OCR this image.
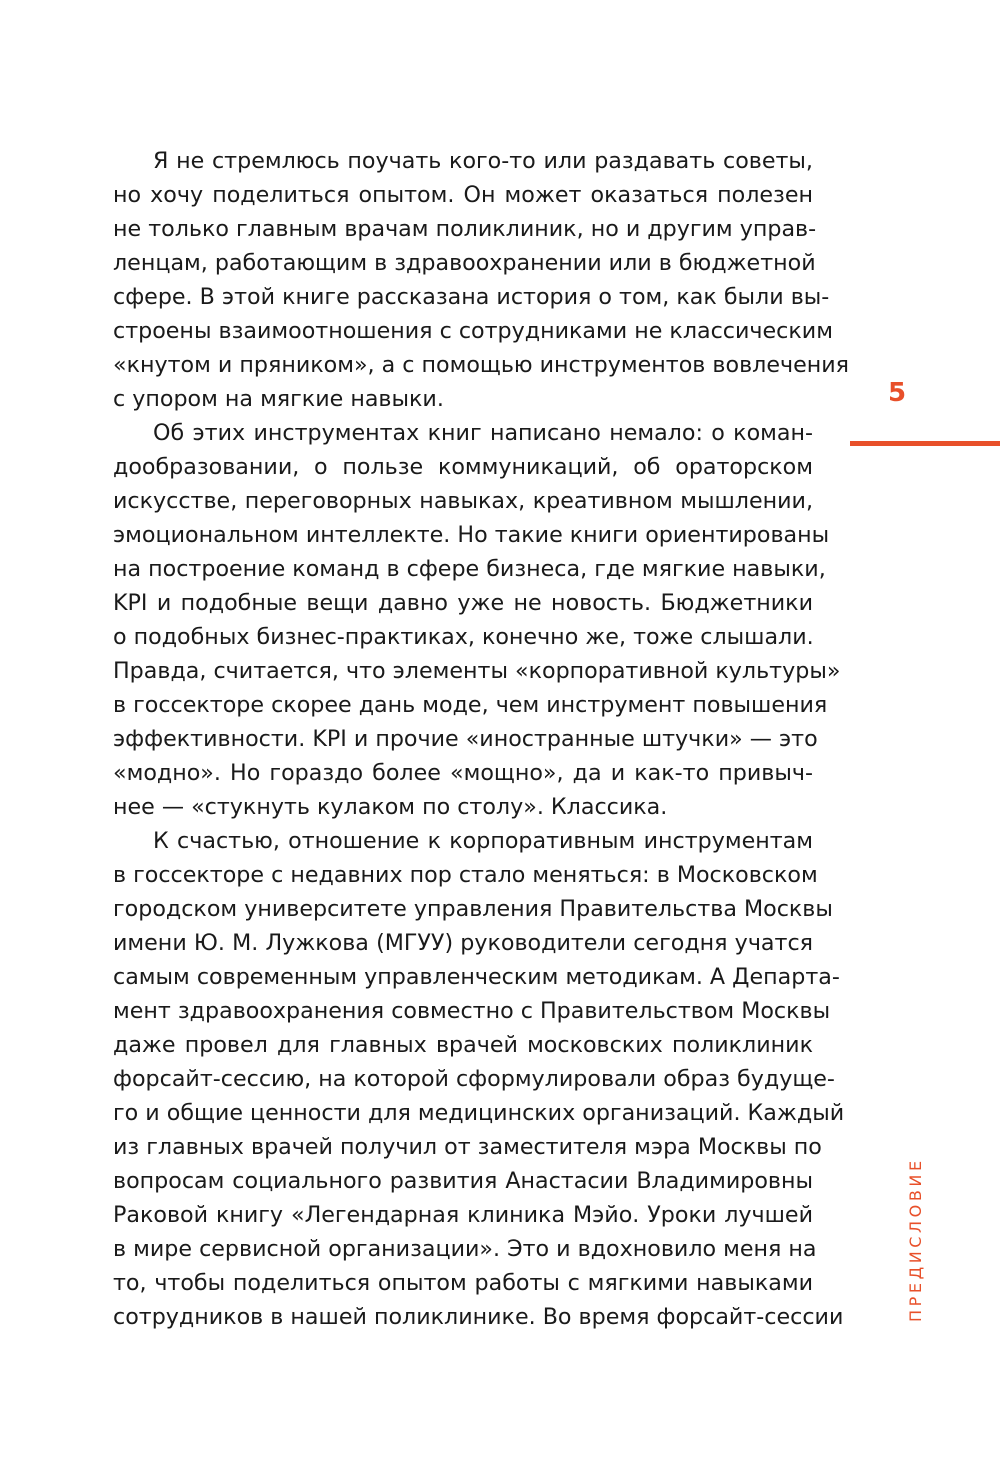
Я не стремлюсь поучать кого-то или раздавать советы,
но хочу поделиться опытом. Он может оказаться полезен
не только главным врачам поликлиник, но и другим управ-
ленцам, работающим в здравоохранении или в бюджетной
сфере. В этой книге рассказана история о том, как были вы-
строены взаимоотношения с сотрудниками не классическим
«кнутом и пряником», а с помощью инструментов вовлечения
с упором на мягкие навыки.
Об этих инструментах книг написано немало: о коман-
дообразовании, о пользе коммуникаций, об ораторском
искусстве, переговорных навыках, креативном мышлении,
эмоциональном интеллекте. Но такие книги ориентированы
на построение команд в сфере бизнеса, где мягкие навыки,
KPI и подобные вещи давно уже не новость. Бюджетники
о подобных бизнес-практиках, конечно же, тоже слышали.
Правда, считается, что элементы «корпоративной культуры»
в госсекторе скорее дань моде, чем инструмент повышения
эффективности. KPI и прочие «иностранные штучки» — это
«модно». Но гораздо более «мощно», да и как-то привыч-
нее — «стукнуть кулаком по столу». Классика.
К счастью, отношение к корпоративным инструментам
в госсекторе с недавних пор стало меняться: в Московском
городском университете управления Правительства Москвы
имени Ю. М. Лужкова (МГУУ) руководители сегодня учатся
самым современным управленческим методикам. А Департа-
мент здравоохранения совместно с Правительством Москвы
даже провел для главных врачей московских поликлиник
форсайт-сессию, на которой сформулировали образ будуще-
го и общие ценности для медицинских организаций. Каждый
из главных врачей получил от заместителя мэра Москвы по
вопросам социального развития Анастасии Владимировны
Раковой книгу «Легендарная клиника Мэйо. Уроки лучшей
в мире сервисной организации». Это и вдохновило меня на
то, чтобы поделиться опытом работы с мягкими навыками
сотрудников в нашей поликлинике. Во время форсайт-сессии
5
ПРЕДИСЛОВИЕ
